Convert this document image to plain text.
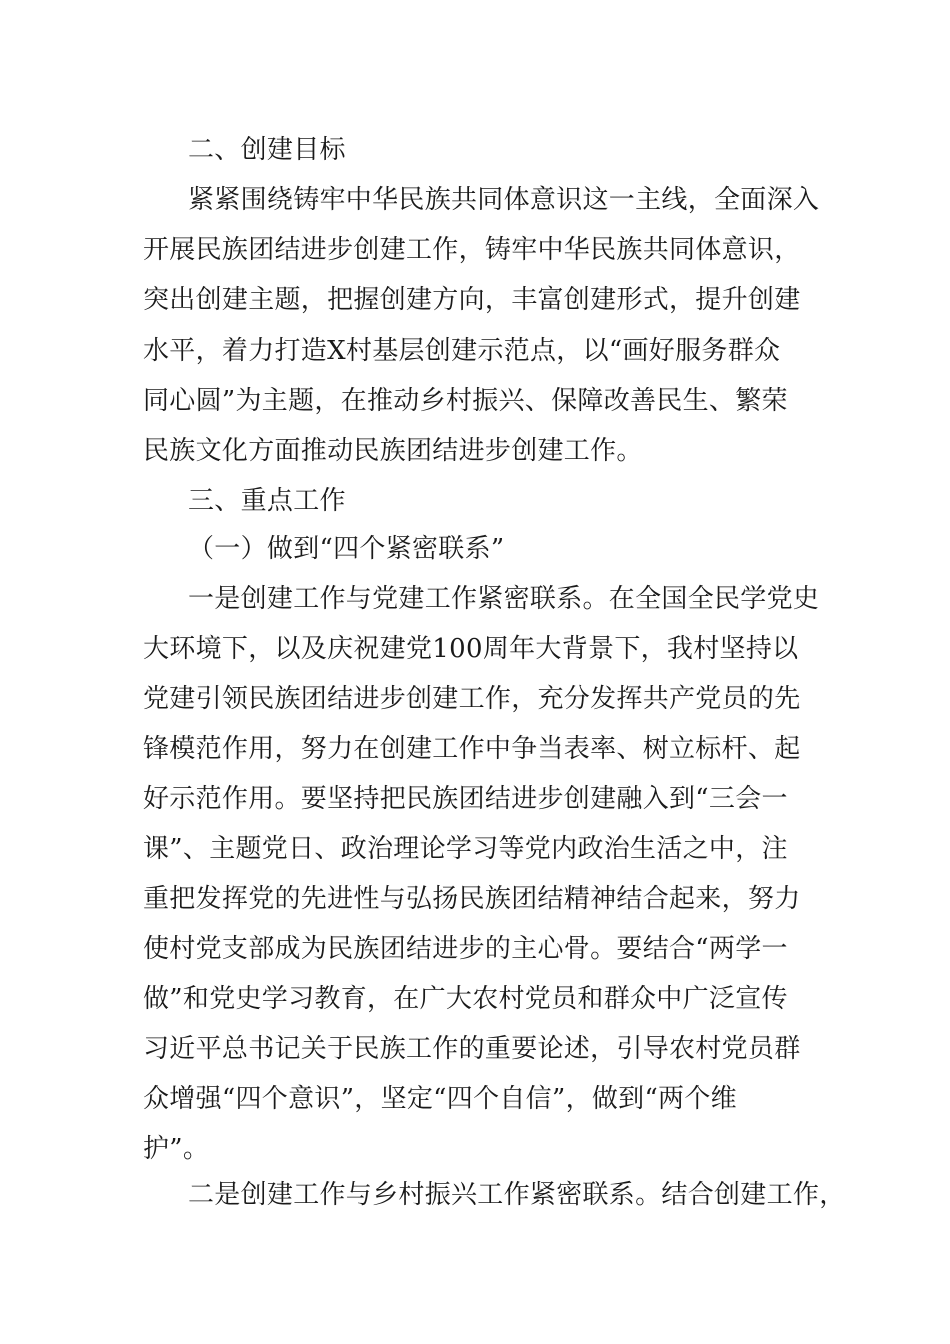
二、创建目标
紧紧围绕铸牢中华民族共同体意识这一主线，全面深入
开展民族团结进步创建工作，铸牢中华民族共同体意识，
突出创建主题，把握创建方向，丰富创建形式，提升创建
水平，着力打造X村基层创建示范点，以“画好服务群众
同心圆”为主题，在推动乡村振兴、保障改善民生、繁荣
民族文化方面推动民族团结进步创建工作。
三、重点工作
（一）做到“四个紧密联系”
一是创建工作与党建工作紧密联系。在全国全民学党史
大环境下，以及庆祝建党100周年大背景下，我村坚持以
党建引领民族团结进步创建工作，充分发挥共产党员的先
锋模范作用，努力在创建工作中争当表率、树立标杆、起
好示范作用。要坚持把民族团结进步创建融入到“三会一
课”、主题党日、政治理论学习等党内政治生活之中，注
重把发挥党的先进性与弘扬民族团结精神结合起来，努力
使村党支部成为民族团结进步的主心骨。要结合“两学一
做”和党史学习教育，在广大农村党员和群众中广泛宣传
习近平总书记关于民族工作的重要论述，引导农村党员群
众增强“四个意识”，坚定“四个自信”，做到“两个维
护”。
二是创建工作与乡村振兴工作紧密联系。结合创建工作，
